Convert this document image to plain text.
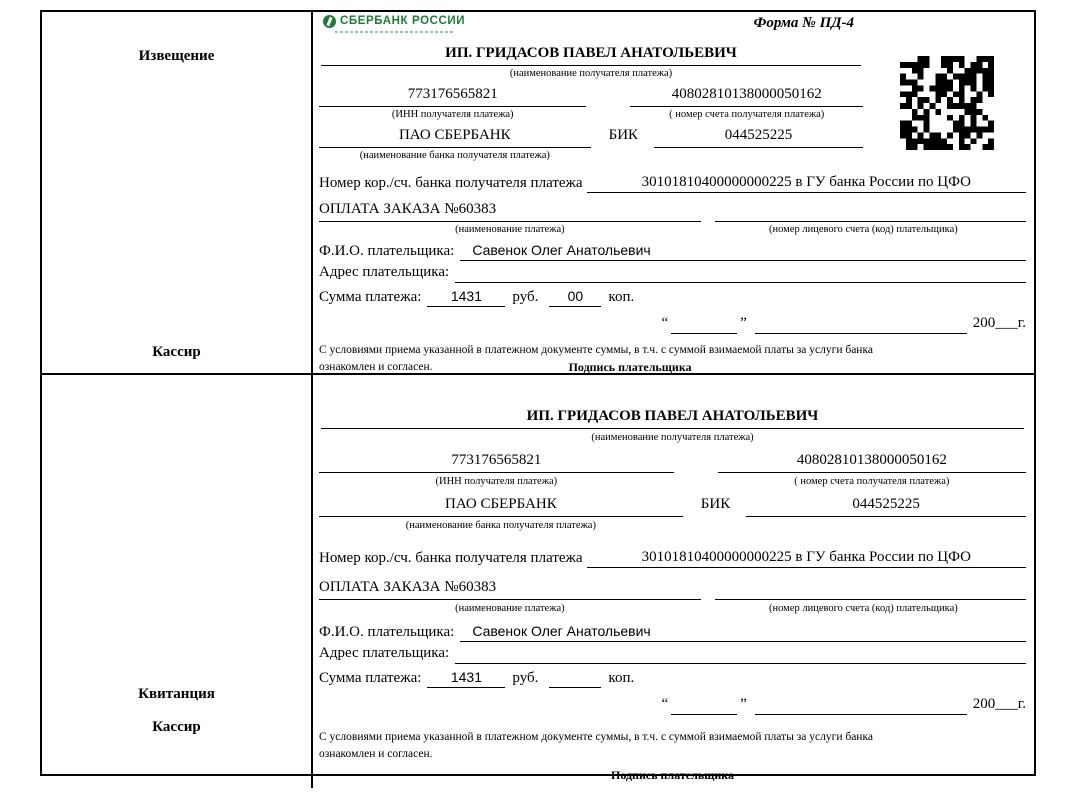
Извещение
Кассир
СБЕРБАНК РОССИИ	Форма № ПД-4
ИП. ГРИДАСОВ ПАВЕЛ АНАТОЛЬЕВИЧ
(наименование получателя платежа)
773176565821
(ИНН получателя платежа)
40802810138000050162
( номер счета получателя платежа)
ПАО СБЕРБАНК
(наименование банка получателя платежа)
БИК	044525225
Номер кор./сч. банка получателя платежа	30101810400000000225 в ГУ банка России по ЦФО
ОПЛАТА ЗАКАЗА №60383
(наименование платежа)	(номер лицевого счета (код) плательщика)
Ф.И.О. плательщика:	Савенок Олег Анатольевич
Адрес плательщика:
Сумма платежа:	1431	руб.	00	коп.
“	”	200___г.
С условиями приема указанной в платежном документе суммы, в т.ч. с суммой взимаемой платы за услуги банка
ознакомлен и согласен.	Подпись плательщика
Квитанция
Кассир
ИП. ГРИДАСОВ ПАВЕЛ АНАТОЛЬЕВИЧ
(наименование получателя платежа)
773176565821
(ИНН получателя платежа)
40802810138000050162
( номер счета получателя платежа)
ПАО СБЕРБАНК
(наименование банка получателя платежа)
БИК	044525225
Номер кор./сч. банка получателя платежа	30101810400000000225 в ГУ банка России по ЦФО
ОПЛАТА ЗАКАЗА №60383
(наименование платежа)	(номер лицевого счета (код) плательщика)
Ф.И.О. плательщика:	Савенок Олег Анатольевич
Адрес плательщика:
Сумма платежа:	1431	руб.	коп.
“	”	200___г.
С условиями приема указанной в платежном документе суммы, в т.ч. с суммой взимаемой платы за услуги банка
ознакомлен и согласен.
Подпись плательщика
